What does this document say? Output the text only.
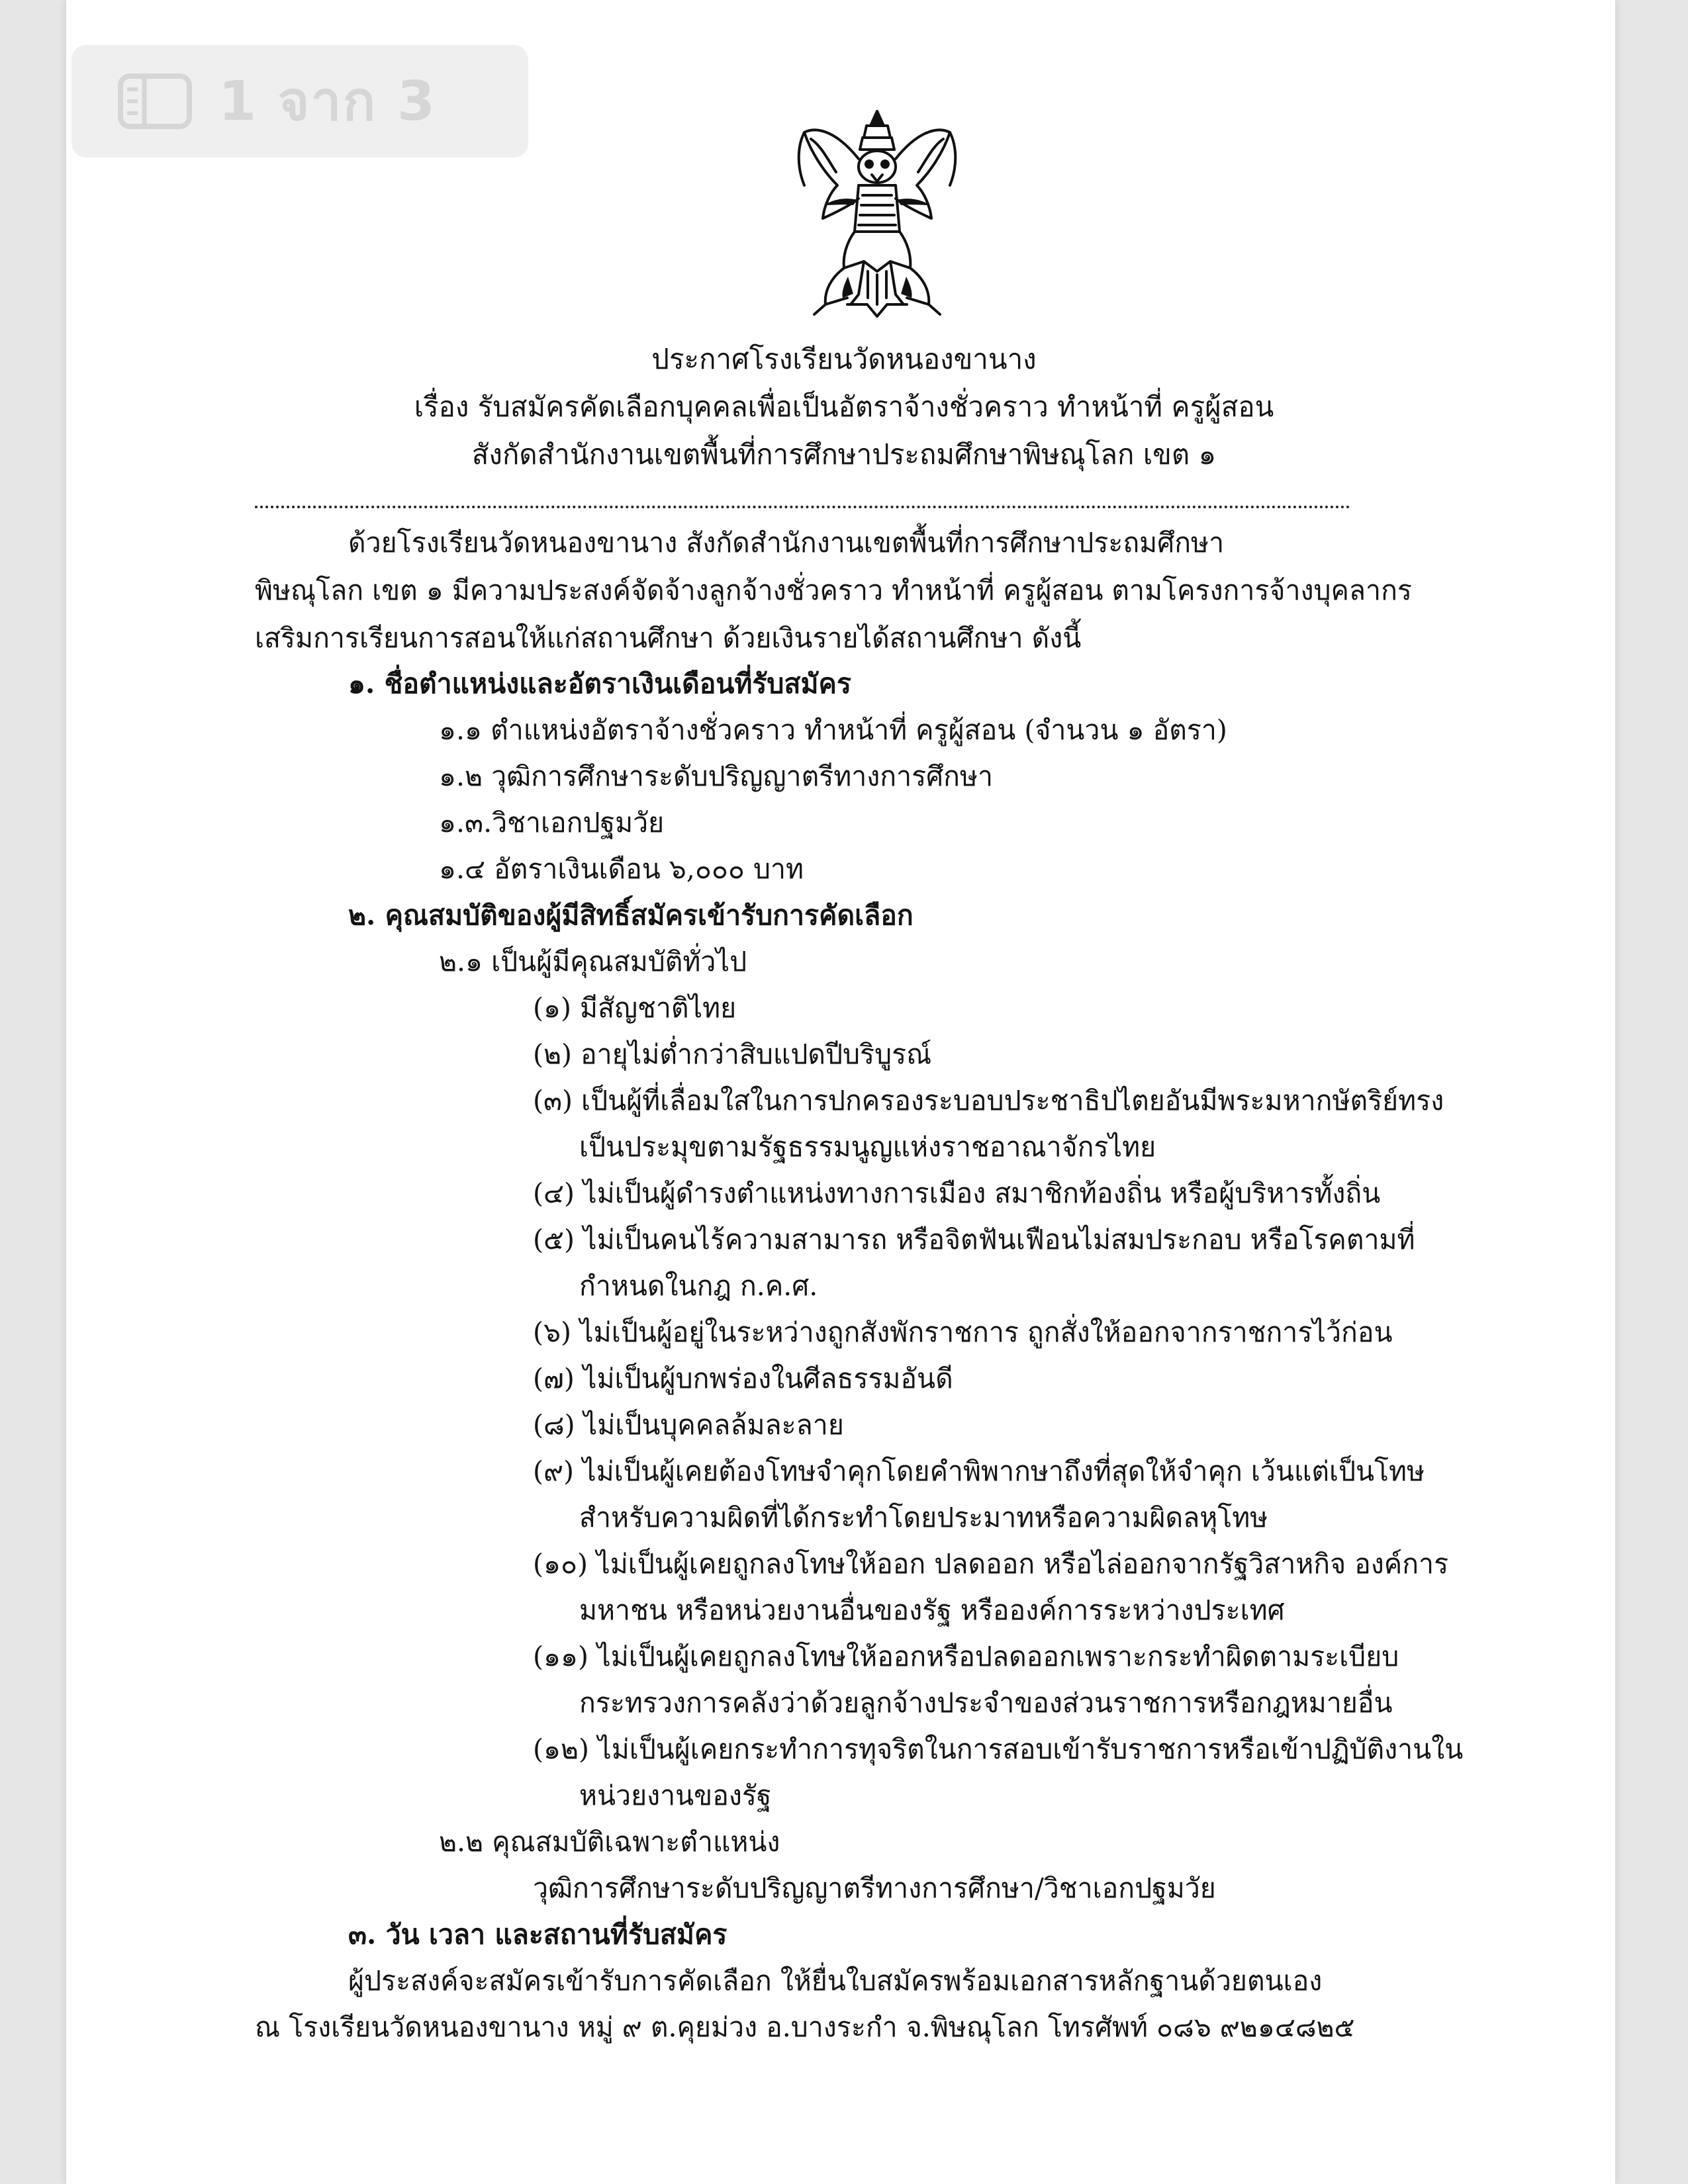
1 จาก 3
ประกาศโรงเรียนวัดหนองขานาง
เรื่อง รับสมัครคัดเลือกบุคคลเพื่อเป็นอัตราจ้างชั่วคราว ทำหน้าที่ ครูผู้สอน
สังกัดสำนักงานเขตพื้นที่การศึกษาประถมศึกษาพิษณุโลก เขต ๑
ด้วยโรงเรียนวัดหนองขานาง สังกัดสำนักงานเขตพื้นที่การศึกษาประถมศึกษา
พิษณุโลก เขต ๑ มีความประสงค์จัดจ้างลูกจ้างชั่วคราว ทำหน้าที่ ครูผู้สอน ตามโครงการจ้างบุคลากร
เสริมการเรียนการสอนให้แก่สถานศึกษา ด้วยเงินรายได้สถานศึกษา ดังนี้
๑. ชื่อตำแหน่งและอัตราเงินเดือนที่รับสมัคร
๑.๑ ตำแหน่งอัตราจ้างชั่วคราว ทำหน้าที่ ครูผู้สอน (จำนวน ๑ อัตรา)
๑.๒ วุฒิการศึกษาระดับปริญญาตรีทางการศึกษา
๑.๓.วิชาเอกปฐมวัย
๑.๔ อัตราเงินเดือน ๖,๐๐๐ บาท
๒. คุณสมบัติของผู้มีสิทธิ์สมัครเข้ารับการคัดเลือก
๒.๑ เป็นผู้มีคุณสมบัติทั่วไป
(๑) มีสัญชาติไทย
(๒) อายุไม่ต่ำกว่าสิบแปดปีบริบูรณ์
(๓) เป็นผู้ที่เลื่อมใสในการปกครองระบอบประชาธิปไตยอันมีพระมหากษัตริย์ทรง
เป็นประมุขตามรัฐธรรมนูญแห่งราชอาณาจักรไทย
(๔) ไม่เป็นผู้ดำรงตำแหน่งทางการเมือง สมาชิกท้องถิ่น หรือผู้บริหารทั้งถิ่น
(๕) ไม่เป็นคนไร้ความสามารถ หรือจิตฟันเฟือนไม่สมประกอบ หรือโรคตามที่
กำหนดในกฎ ก.ค.ศ.
(๖) ไม่เป็นผู้อยู่ในระหว่างถูกสังพักราชการ ถูกสั่งให้ออกจากราชการไว้ก่อน
(๗) ไม่เป็นผู้บกพร่องในศีลธรรมอันดี
(๘) ไม่เป็นบุคคลล้มละลาย
(๙) ไม่เป็นผู้เคยต้องโทษจำคุกโดยคำพิพากษาถึงที่สุดให้จำคุก เว้นแต่เป็นโทษ
สำหรับความผิดที่ได้กระทำโดยประมาทหรือความผิดลหุโทษ
(๑๐) ไม่เป็นผู้เคยถูกลงโทษให้ออก ปลดออก หรือไล่ออกจากรัฐวิสาหกิจ องค์การ
มหาชน หรือหน่วยงานอื่นของรัฐ หรือองค์การระหว่างประเทศ
(๑๑) ไม่เป็นผู้เคยถูกลงโทษให้ออกหรือปลดออกเพราะกระทำผิดตามระเบียบ
กระทรวงการคลังว่าด้วยลูกจ้างประจำของส่วนราชการหรือกฎหมายอื่น
(๑๒) ไม่เป็นผู้เคยกระทำการทุจริตในการสอบเข้ารับราชการหรือเข้าปฏิบัติงานใน
หน่วยงานของรัฐ
๒.๒ คุณสมบัติเฉพาะตำแหน่ง
วุฒิการศึกษาระดับปริญญาตรีทางการศึกษา/วิชาเอกปฐมวัย
๓. วัน เวลา และสถานที่รับสมัคร
ผู้ประสงค์จะสมัครเข้ารับการคัดเลือก ให้ยื่นใบสมัครพร้อมเอกสารหลักฐานด้วยตนเอง
ณ โรงเรียนวัดหนองขานาง หมู่ ๙ ต.คุยม่วง อ.บางระกำ จ.พิษณุโลก โทรศัพท์ ๐๘๖ ๙๒๑๔๘๒๕
